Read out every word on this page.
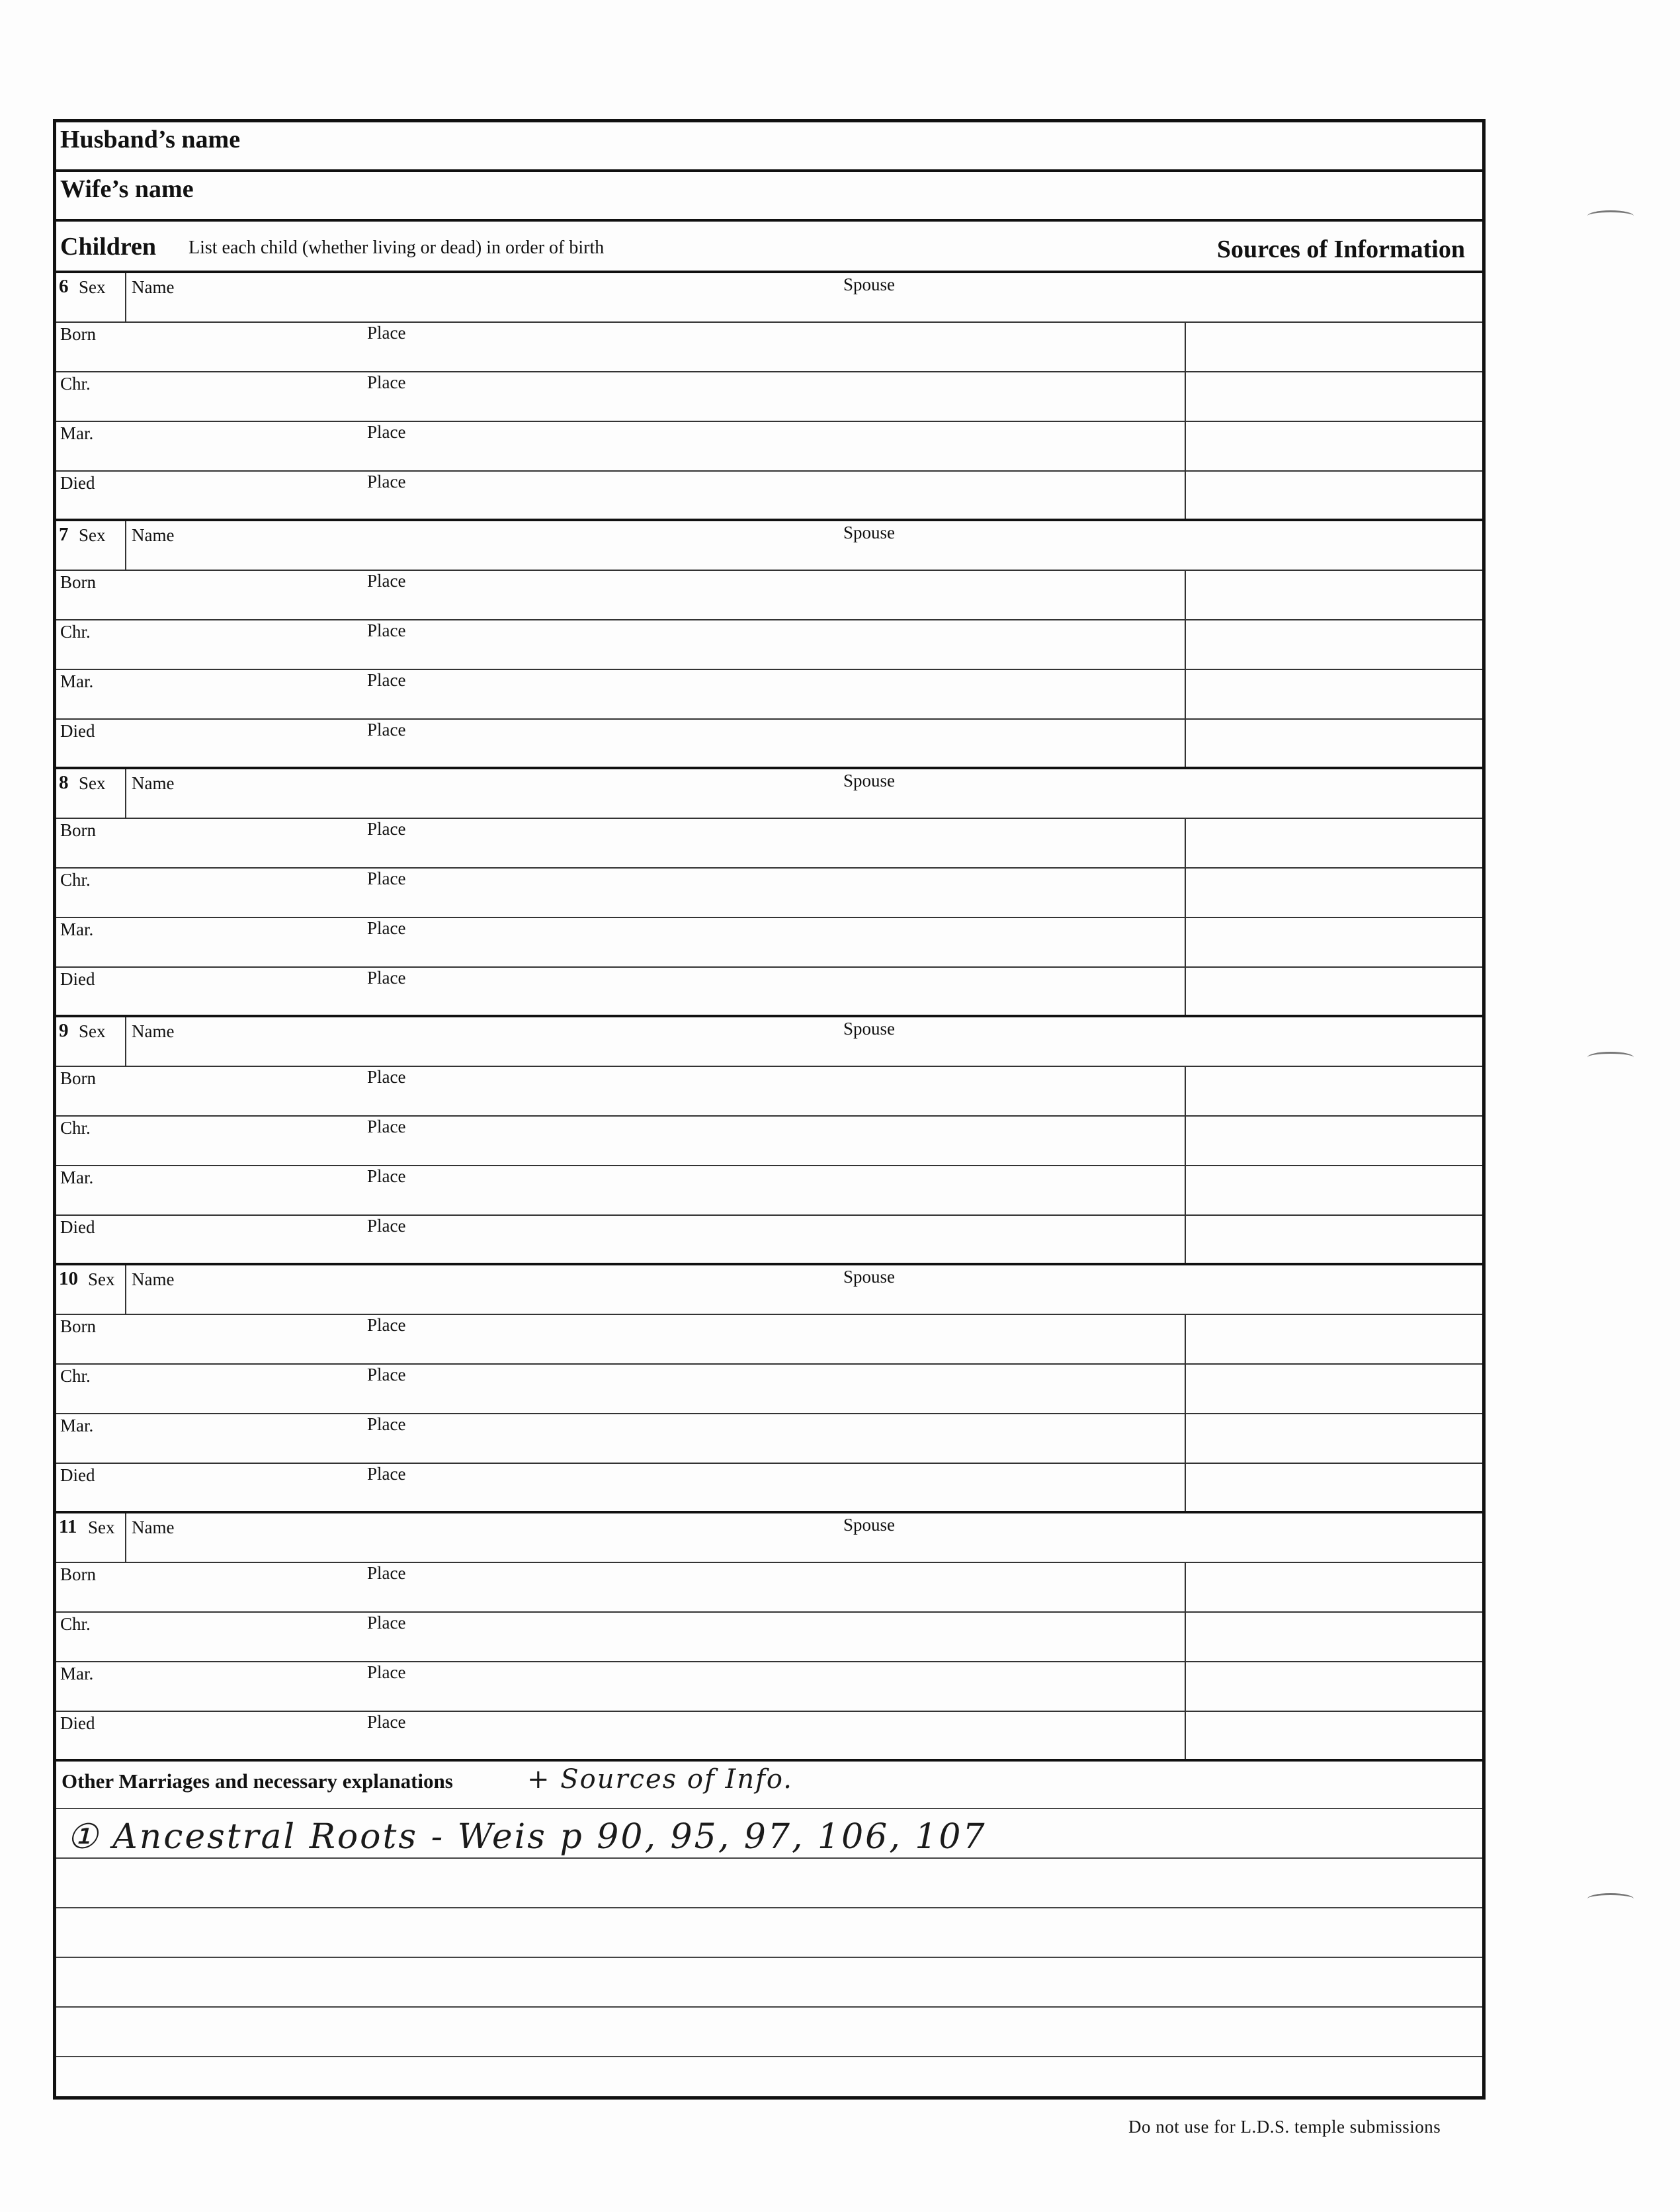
Husband’s name
Wife’s name
Children List each child (whether living or dead) in order of birth	Sources of Information
6 Sex Name	Spouse
Born	Place
Chr.	Place
Mar.	Place
Died	Place
7 Sex Name	Spouse
Born	Place
Chr.	Place
Mar.	Place
Died	Place
8 Sex Name	Spouse
Born	Place
Chr.	Place
Mar.	Place
Died	Place
9 Sex Name	Spouse
Born	Place
Chr.	Place
Mar.	Place
Died	Place
10 Sex Name	Spouse
Born	Place
Chr.	Place
Mar.	Place
Died	Place
11 Sex Name	Spouse
Born	Place
Chr.	Place
Mar.	Place
Died	Place
Other Marriages and necessary explanations	+ Sources of Info.
① Ancestral Roots - Weis p 90, 95, 97, 106, 107
Do not use for L.D.S. temple submissions
